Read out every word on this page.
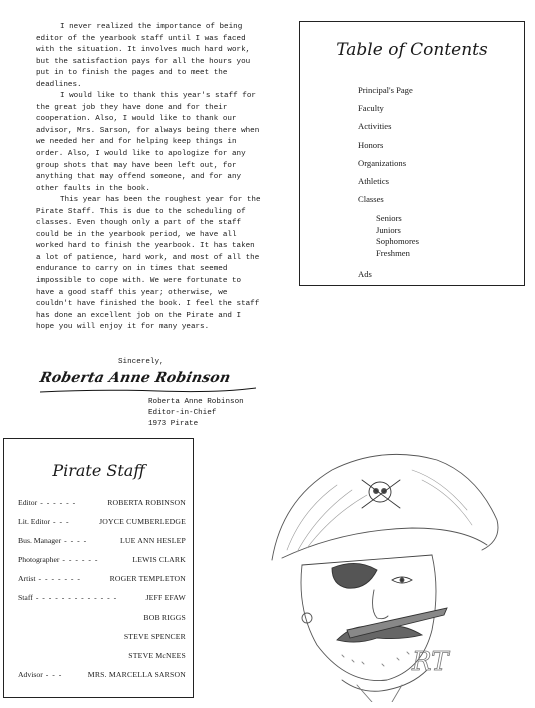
I never realized the importance of being editor of the yearbook staff until I was faced with the situation. It involves much hard work, but the satisfaction pays for all the hours you put in to finish the pages and to meet the deadlines.

I would like to thank this year's staff for the great job they have done and for their cooperation. Also, I would like to thank our advisor, Mrs. Sarson, for always being there when we needed her and for helping keep things in order. Also, I would like to apologize for any group shots that may have been left out, for anything that may offend someone, and for any other faults in the book.

This year has been the roughest year for the Pirate Staff. This is due to the scheduling of classes. Even though only a part of the staff could be in the yearbook period, we have all worked hard to finish the yearbook. It has taken a lot of patience, hard work, and most of all the endurance to carry on in times that seemed impossible to cope with. We were fortunate to have a good staff this year; otherwise, we couldn't have finished the book. I feel the staff has done an excellent job on the Pirate and I hope you will enjoy it for many years.

Sincerely,
Roberta Anne Robinson
Roberta Anne Robinson
Editor-in-Chief
1973 Pirate
Table of Contents
Principal's Page
Faculty
Activities
Honors
Organizations
Athletics
Classes
Seniors
Juniors
Sophomores
Freshmen
Ads
Pirate Staff
Editor - - - - - -	ROBERTA ROBINSON
Lit. Editor - - -	JOYCE CUMBERLEDGE
Bus. Manager - - - -	LUE ANN HESLEP
Photographer - - - - - -	LEWIS CLARK
Artist - - - - - - -	ROGER TEMPLETON
Staff - - - - - - - - - - - - -	JEFF EFAW
BOB RIGGS
STEVE SPENCER
STEVE McNEES
Advisor - - -	MRS. MARCELLA SARSON	RT
